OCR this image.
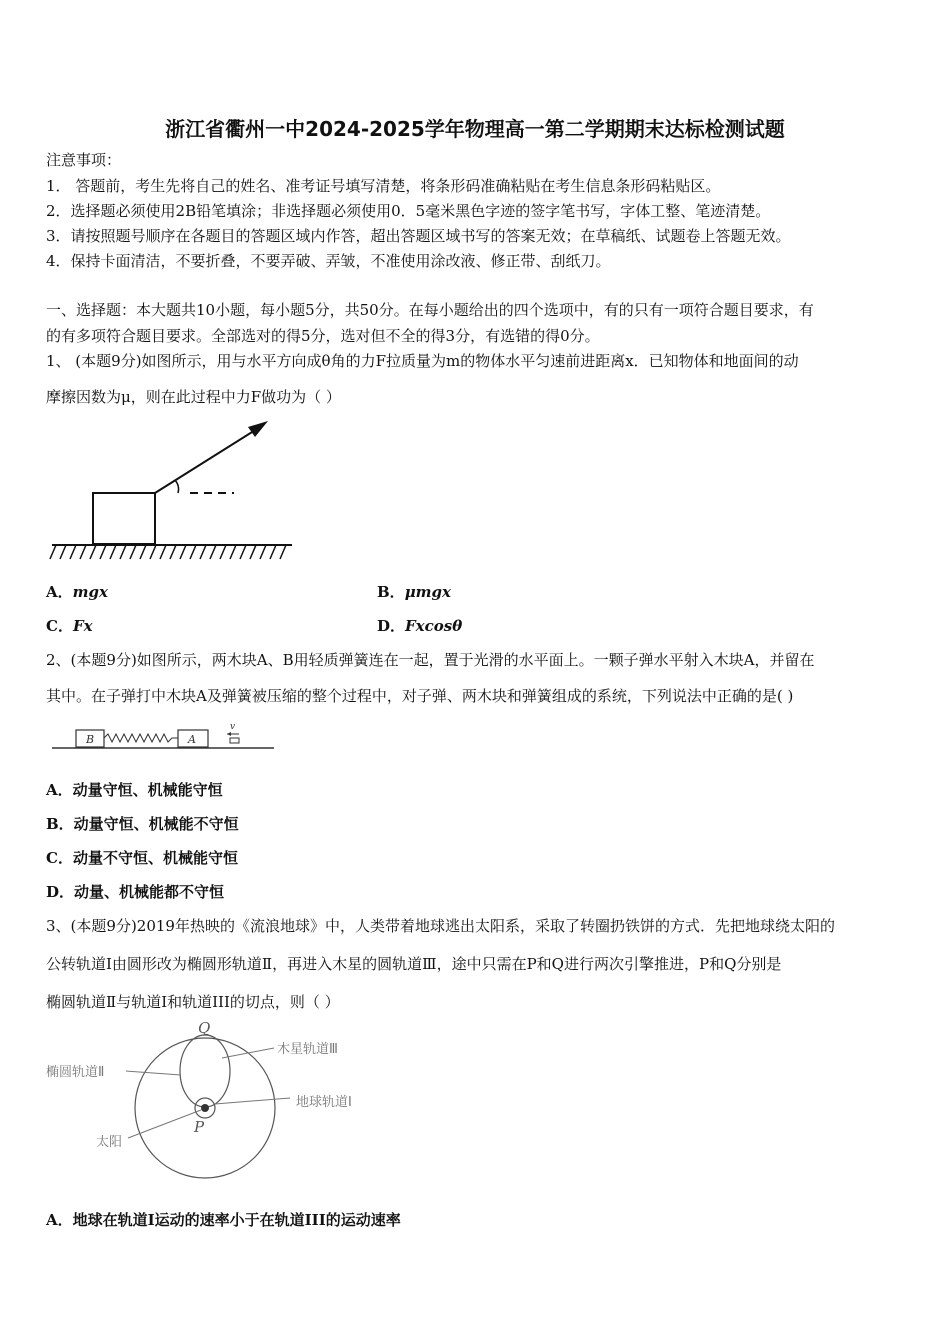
浙江省衢州一中2024-2025学年物理高一第二学期期末达标检测试题
注意事项：
1． 答题前，考生先将自己的姓名、准考证号填写清楚，将条形码准确粘贴在考生信息条形码粘贴区。
2．选择题必须使用2B铅笔填涂；非选择题必须使用0．5毫米黑色字迹的签字笔书写，字体工整、笔迹清楚。
3．请按照题号顺序在各题目的答题区域内作答，超出答题区域书写的答案无效；在草稿纸、试题卷上答题无效。
4．保持卡面清洁，不要折叠，不要弄破、弄皱，不准使用涂改液、修正带、刮纸刀。
一、选择题：本大题共10小题，每小题5分，共50分。在每小题给出的四个选项中，有的只有一项符合题目要求，有
的有多项符合题目要求。全部选对的得5分，选对但不全的得3分，有选错的得0分。
1、 (本题9分)如图所示，用与水平方向成θ角的力F拉质量为m的物体水平匀速前进距离x．已知物体和地面间的动
摩擦因数为μ，则在此过程中力F做功为（ ）
A．mgx	B．μmgx
C．Fx	D．Fxcosθ
2、(本题9分)如图所示，两木块A、B用轻质弹簧连在一起，置于光滑的水平面上。一颗子弹水平射入木块A，并留在
其中。在子弹打中木块A及弹簧被压缩的整个过程中，对子弹、两木块和弹簧组成的系统，下列说法中正确的是( )
B	A
v
A．动量守恒、机械能守恒
B．动量守恒、机械能不守恒
C．动量不守恒、机械能守恒
D．动量、机械能都不守恒
3、(本题9分)2019年热映的《流浪地球》中，人类带着地球逃出太阳系，采取了转圈扔铁饼的方式．先把地球绕太阳的
公转轨道Ⅰ由圆形改为椭圆形轨道Ⅱ，再进入木星的圆轨道Ⅲ，途中只需在P和Q进行两次引擎推进，P和Q分别是
椭圆轨道Ⅱ与轨道Ⅰ和轨道III的切点，则（ ）
Q
P
木星轨道Ⅲ
椭圆轨道Ⅱ
地球轨道Ⅰ
太阳
A．地球在轨道I运动的速率小于在轨道III的运动速率
